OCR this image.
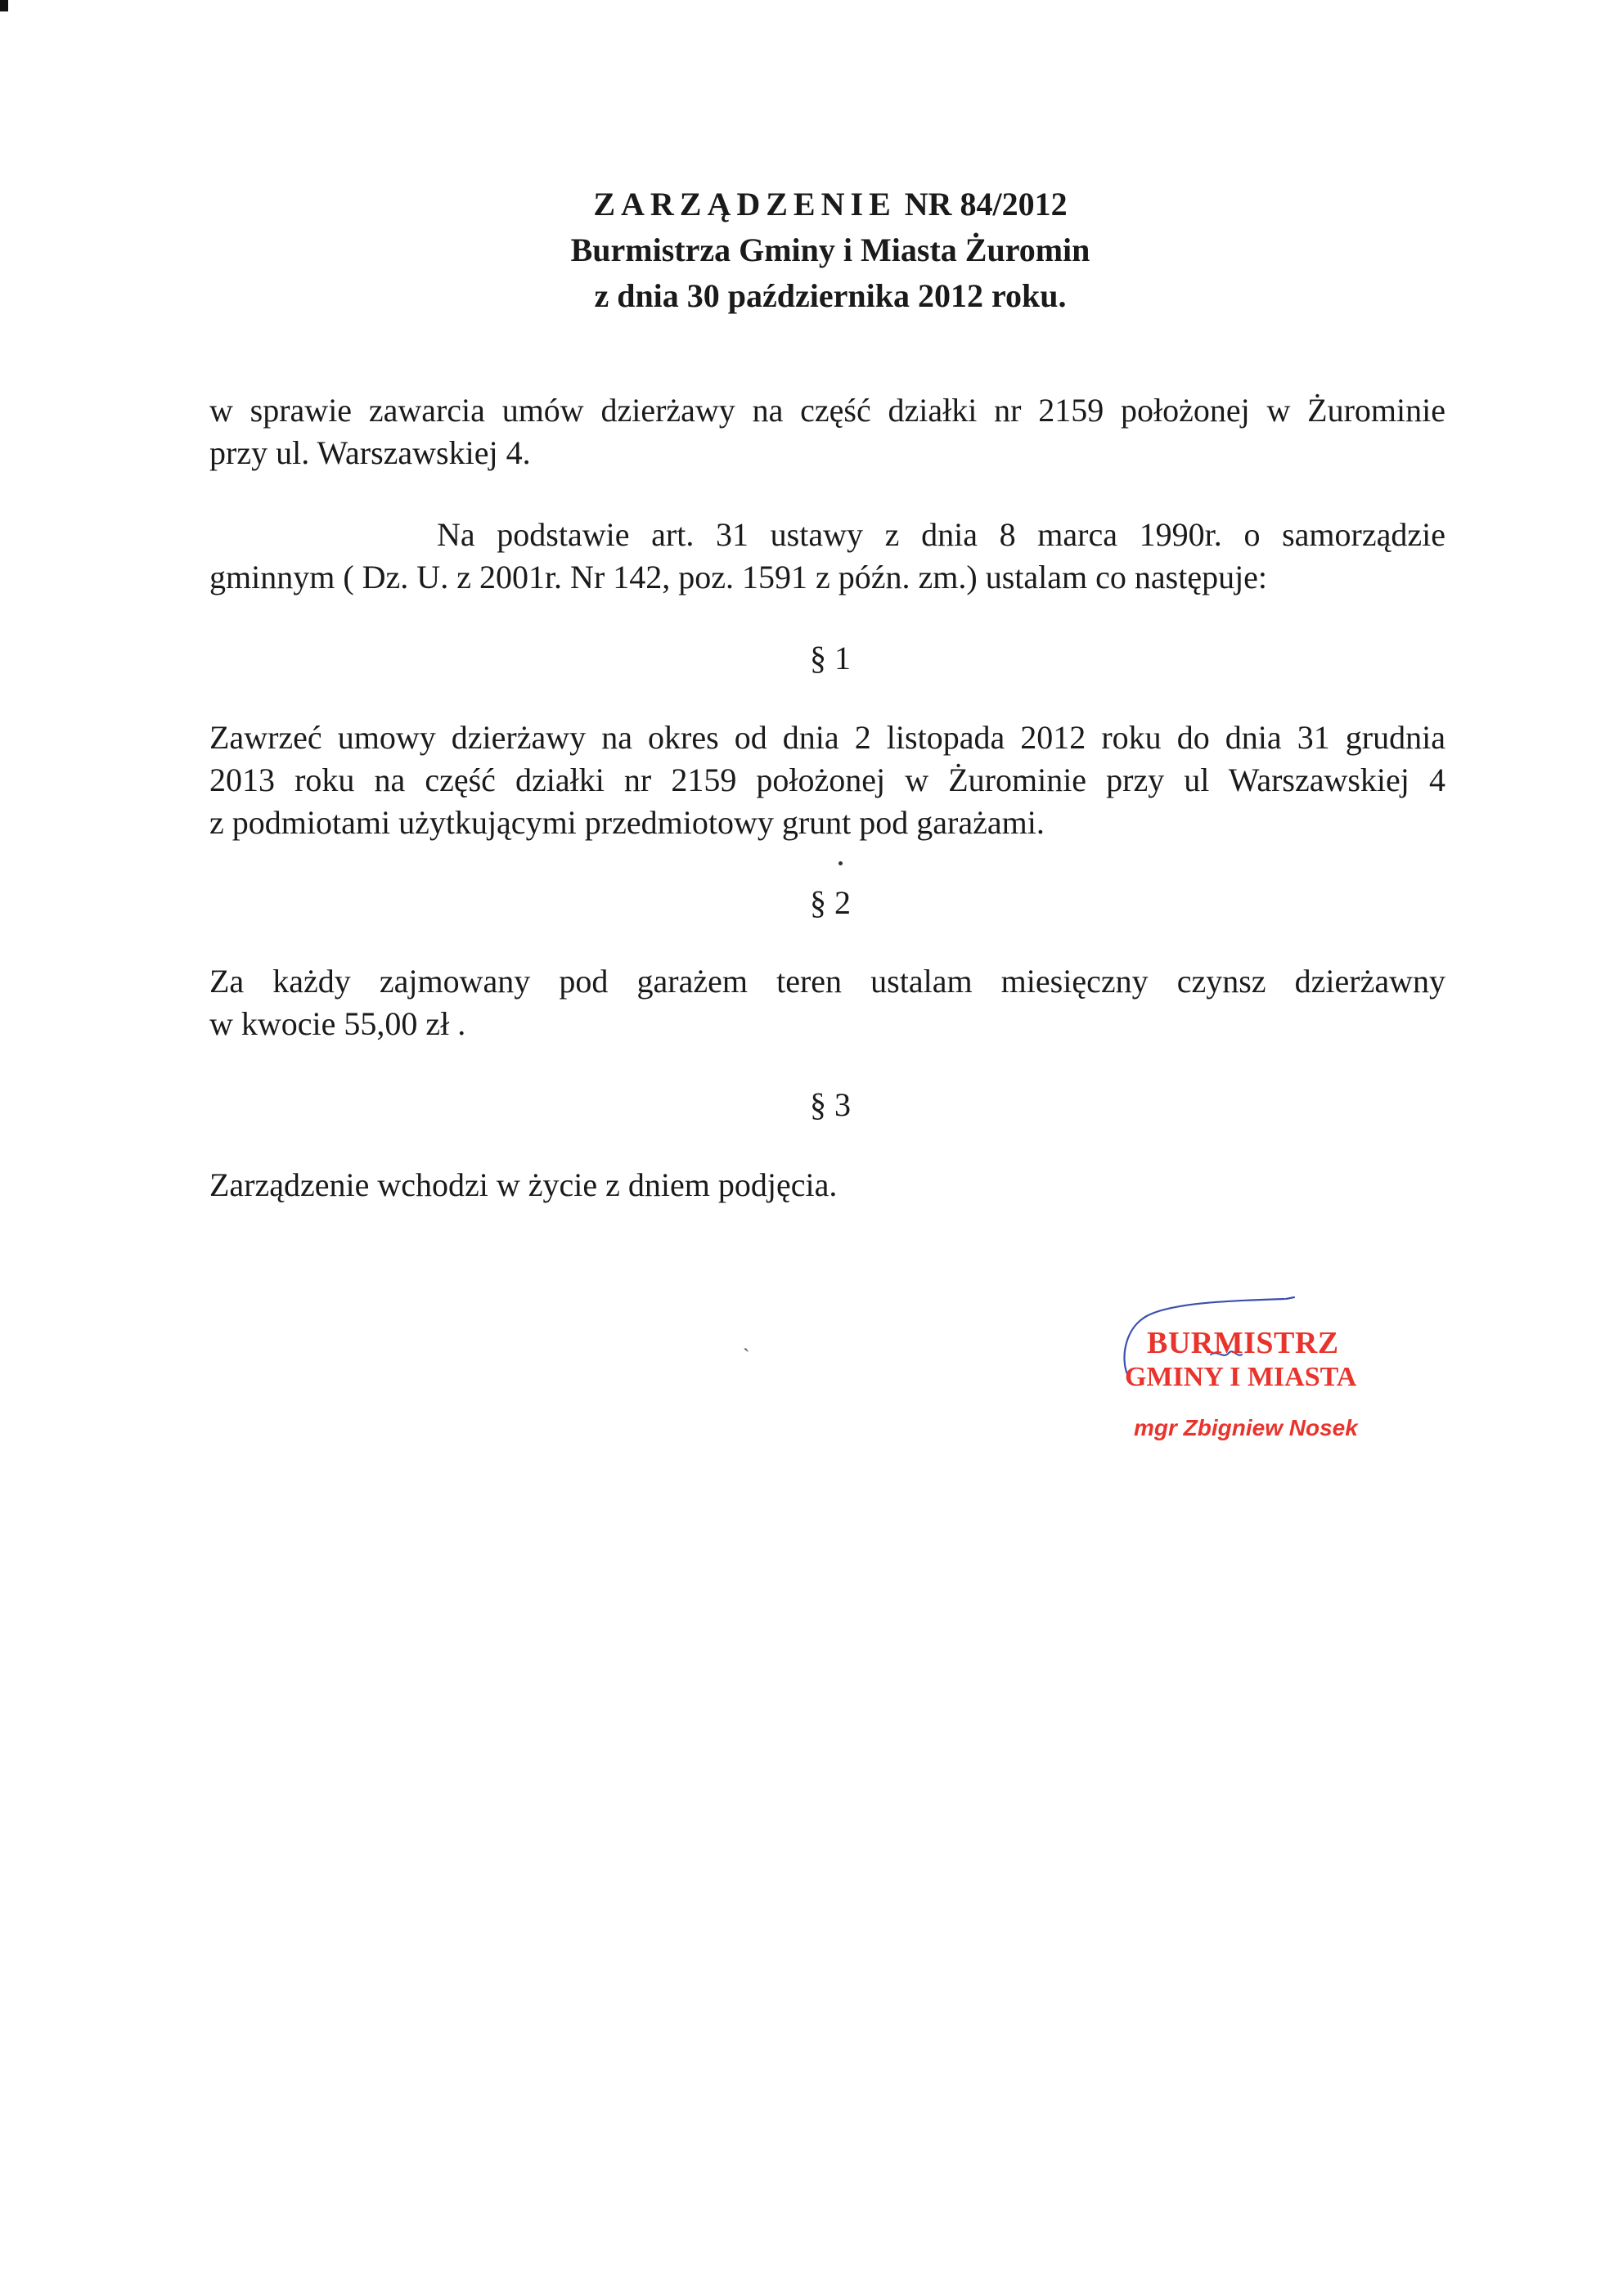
ZARZĄDZENIE NR 84/2012
Burmistrza Gminy i Miasta Żuromin
z dnia 30 października 2012 roku.
w sprawie zawarcia umów dzierżawy na część działki nr 2159 położonej w Żurominie
przy ul. Warszawskiej 4.
Na podstawie art. 31 ustawy z dnia 8 marca 1990r. o samorządzie
gminnym ( Dz. U. z 2001r. Nr 142, poz. 1591 z późn. zm.) ustalam co następuje:
§ 1
Zawrzeć umowy dzierżawy na okres od dnia 2 listopada 2012 roku do dnia 31 grudnia
2013 roku na część działki nr 2159 położonej w Żurominie przy ul Warszawskiej 4
z podmiotami użytkującymi przedmiotowy grunt pod garażami.
§ 2
Za każdy zajmowany pod garażem teren ustalam miesięczny czynsz dzierżawny
w kwocie 55,00 zł .
§ 3
Zarządzenie wchodzi w życie z dniem podjęcia.
ˏ	BURMISTRZ
GMINY I MIASTA
mgr Zbigniew Nosek
